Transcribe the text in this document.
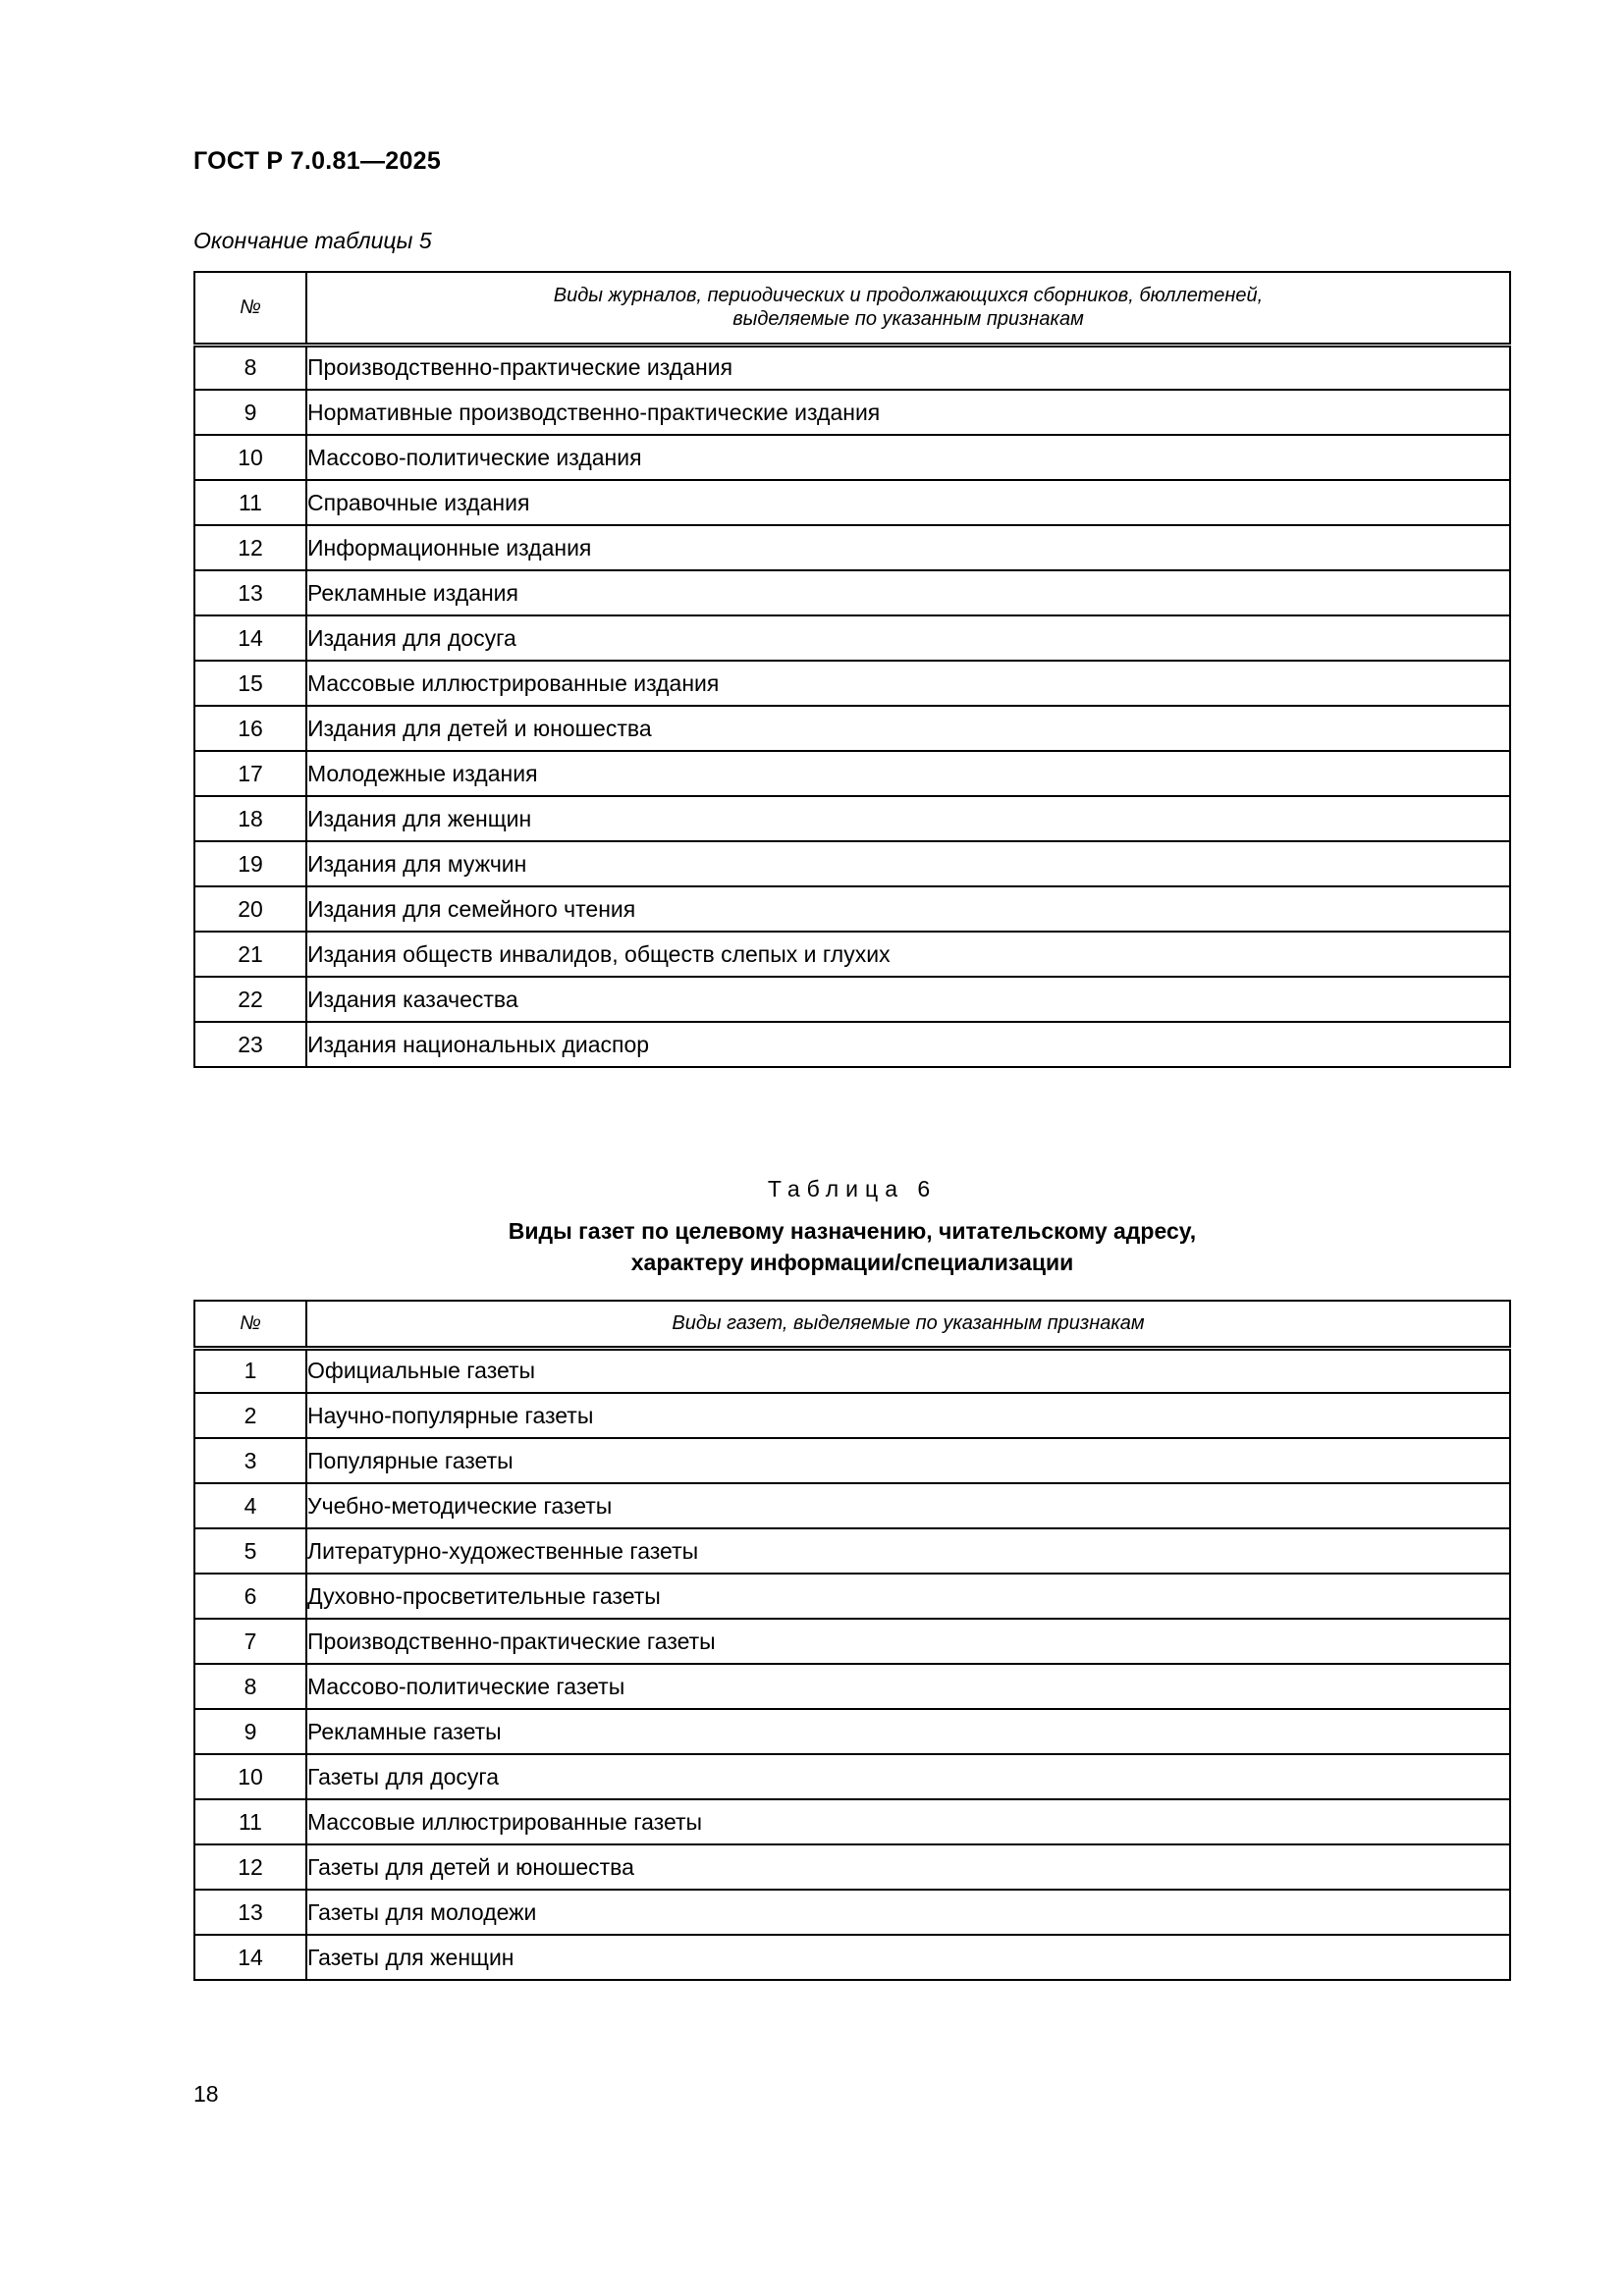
ГОСТ Р 7.0.81—2025
Окончание таблицы 5
№	Виды журналов, периодических и продолжающихся сборников, бюллетеней,
выделяемые по указанным признакам
8	Производственно-практические издания
9	Нормативные производственно-практические издания
10	Массово-политические издания
11	Справочные издания
12	Информационные издания
13	Рекламные издания
14	Издания для досуга
15	Массовые иллюстрированные издания
16	Издания для детей и юношества
17	Молодежные издания
18	Издания для женщин
19	Издания для мужчин
20	Издания для семейного чтения
21	Издания обществ инвалидов, обществ слепых и глухих
22	Издания казачества
23	Издания национальных диаспор
Таблица 6
Виды газет по целевому назначению, читательскому адресу,
характеру информации/специализации
№	Виды газет, выделяемые по указанным признакам
1	Официальные газеты
2	Научно-популярные газеты
3	Популярные газеты
4	Учебно-методические газеты
5	Литературно-художественные газеты
6	Духовно-просветительные газеты
7	Производственно-практические газеты
8	Массово-политические газеты
9	Рекламные газеты
10	Газеты для досуга
11	Массовые иллюстрированные газеты
12	Газеты для детей и юношества
13	Газеты для молодежи
14	Газеты для женщин
18
